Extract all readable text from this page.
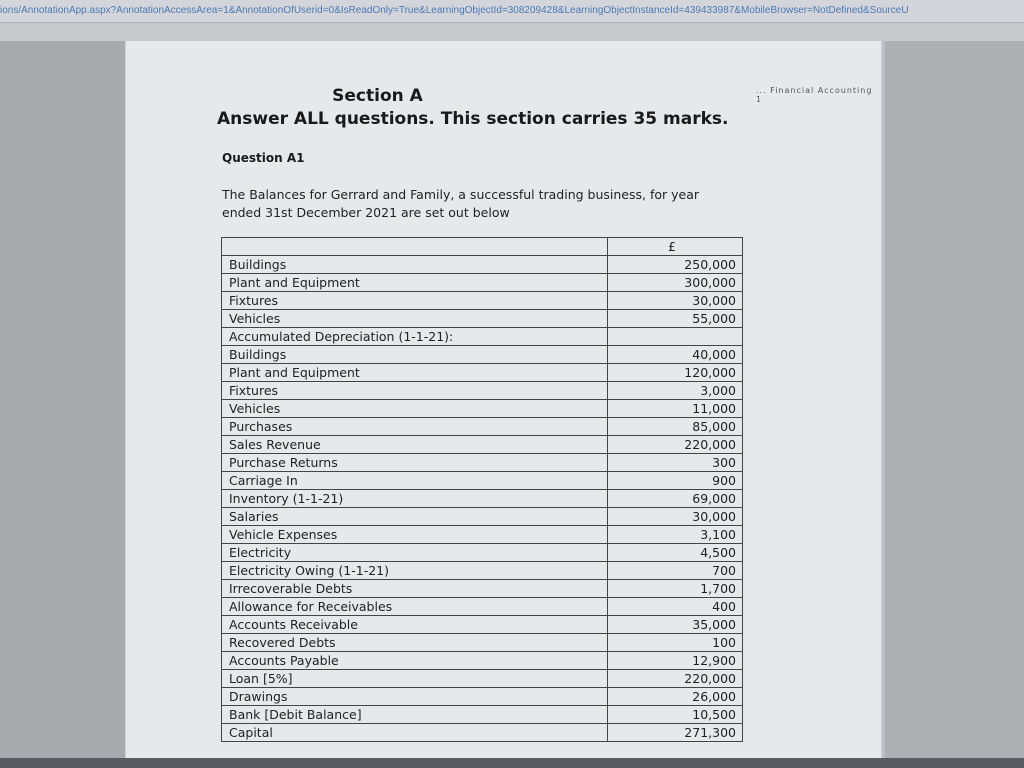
ions/AnnotationApp.aspx?AnnotationAccessArea=1&AnnotationOfUserid=0&IsReadOnly=True&LearningObjectId=308209428&LearningObjectInstanceId=439433987&MobileBrowser=NotDefined&SourceU
... Financial Accounting 1
Section A
Answer ALL questions. This section carries 35 marks.
Question A1
The Balances for Gerrard and Family, a successful trading business, for year
ended 31st December 2021 are set out below
	£
Buildings	250,000
Plant and Equipment	300,000
Fixtures	30,000
Vehicles	55,000
Accumulated Depreciation (1-1-21):	
Buildings	40,000
Plant and Equipment	120,000
Fixtures	3,000
Vehicles	11,000
Purchases	85,000
Sales Revenue	220,000
Purchase Returns	300
Carriage In	900
Inventory (1-1-21)	69,000
Salaries	30,000
Vehicle Expenses	3,100
Electricity	4,500
Electricity Owing (1-1-21)	700
Irrecoverable Debts	1,700
Allowance for Receivables	400
Accounts Receivable	35,000
Recovered Debts	100
Accounts Payable	12,900
Loan [5%]	220,000
Drawings	26,000
Bank [Debit Balance]	10,500
Capital	271,300
